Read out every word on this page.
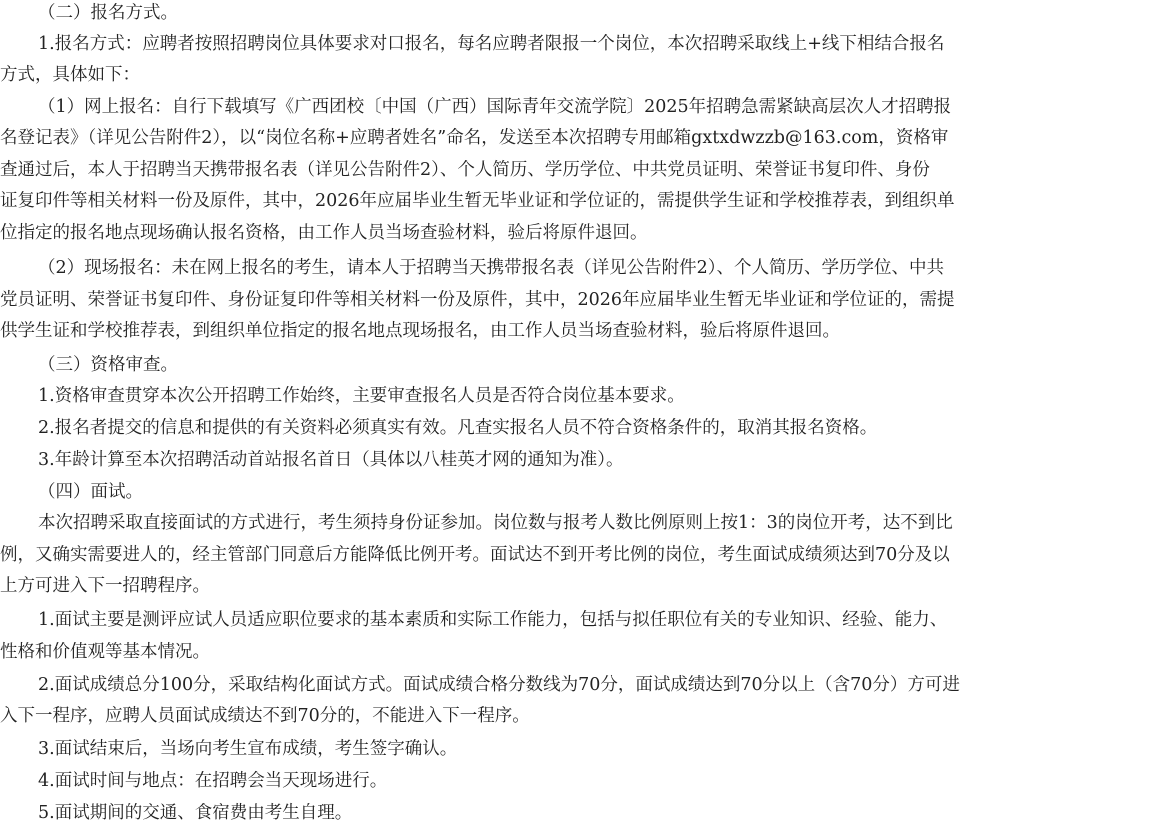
（二）报名方式。
1.报名方式：应聘者按照招聘岗位具体要求对口报名，每名应聘者限报一个岗位，本次招聘采取线上+线下相结合报名
方式，具体如下：
（1）网上报名：自行下载填写《广西团校〔中国（广西）国际青年交流学院〕2025年招聘急需紧缺高层次人才招聘报
名登记表》（详见公告附件2），以“岗位名称+应聘者姓名”命名，发送至本次招聘专用邮箱gxtxdwzzb@163.com，资格审
查通过后，本人于招聘当天携带报名表（详见公告附件2）、个人简历、学历学位、中共党员证明、荣誉证书复印件、身份
证复印件等相关材料一份及原件，其中，2026年应届毕业生暂无毕业证和学位证的，需提供学生证和学校推荐表，到组织单
位指定的报名地点现场确认报名资格，由工作人员当场查验材料，验后将原件退回。
（2）现场报名：未在网上报名的考生，请本人于招聘当天携带报名表（详见公告附件2）、个人简历、学历学位、中共
党员证明、荣誉证书复印件、身份证复印件等相关材料一份及原件，其中，2026年应届毕业生暂无毕业证和学位证的，需提
供学生证和学校推荐表，到组织单位指定的报名地点现场报名，由工作人员当场查验材料，验后将原件退回。
（三）资格审查。
1.资格审查贯穿本次公开招聘工作始终，主要审查报名人员是否符合岗位基本要求。
2.报名者提交的信息和提供的有关资料必须真实有效。凡查实报名人员不符合资格条件的，取消其报名资格。
3.年龄计算至本次招聘活动首站报名首日（具体以八桂英才网的通知为准）。
（四）面试。
本次招聘采取直接面试的方式进行，考生须持身份证参加。岗位数与报考人数比例原则上按1：3的岗位开考，达不到比
例，又确实需要进人的，经主管部门同意后方能降低比例开考。面试达不到开考比例的岗位，考生面试成绩须达到70分及以
上方可进入下一招聘程序。
1.面试主要是测评应试人员适应职位要求的基本素质和实际工作能力，包括与拟任职位有关的专业知识、经验、能力、
性格和价值观等基本情况。
2.面试成绩总分100分，采取结构化面试方式。面试成绩合格分数线为70分，面试成绩达到70分以上（含70分）方可进
入下一程序，应聘人员面试成绩达不到70分的，不能进入下一程序。
3.面试结束后，当场向考生宣布成绩，考生签字确认。
4.面试时间与地点：在招聘会当天现场进行。
5.面试期间的交通、食宿费由考生自理。
